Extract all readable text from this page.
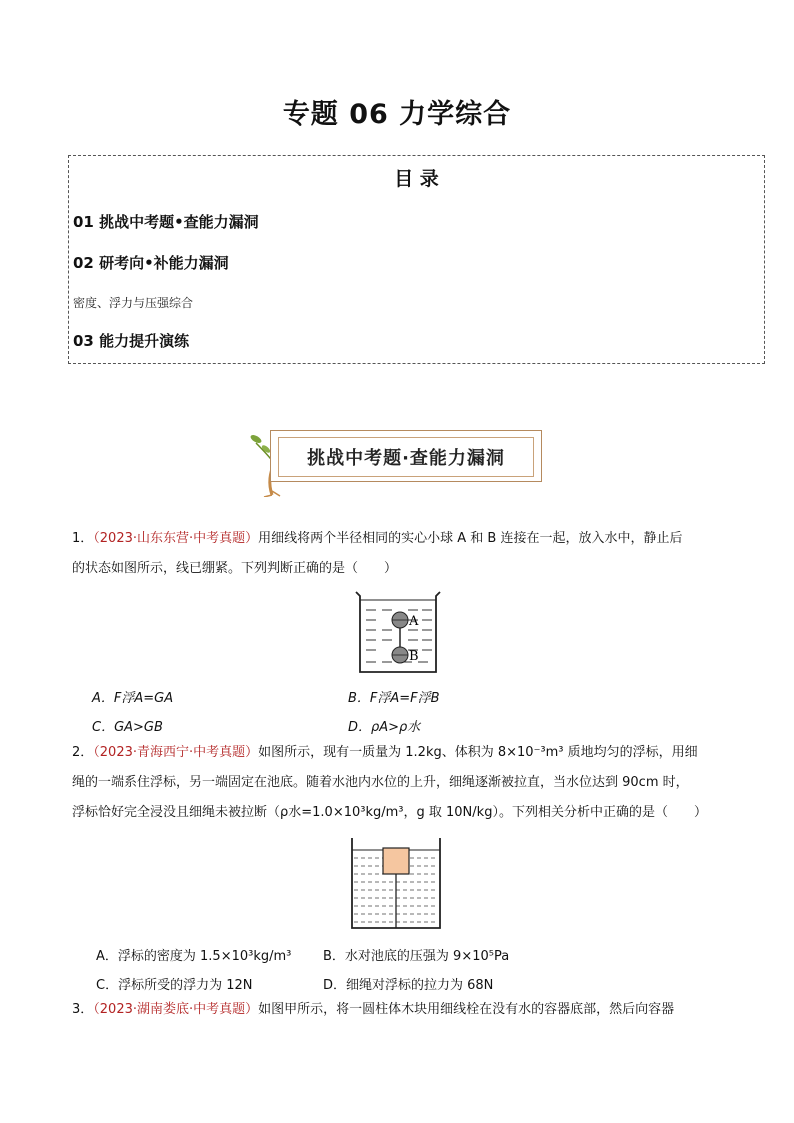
专题 06 力学综合
目 录
01 挑战中考题•查能力漏洞
02 研考向•补能力漏洞
密度、浮力与压强综合
03 能力提升演练
挑战中考题·查能力漏洞
1．（2023·山东东营·中考真题）用细线将两个半径相同的实心小球 A 和 B 连接在一起，放入水中，静止后
的状态如图所示，线已绷紧。下列判断正确的是（　　）
A
B
A．F浮A=GA	B．F浮A=F浮B
C．GA>GB	D．ρA>ρ水
2．（2023·青海西宁·中考真题）如图所示，现有一质量为 1.2kg、体积为 8×10⁻³m³ 质地均匀的浮标，用细
绳的一端系住浮标，另一端固定在池底。随着水池内水位的上升，细绳逐渐被拉直，当水位达到 90cm 时，
浮标恰好完全浸没且细绳未被拉断（ρ水=1.0×10³kg/m³，g 取 10N/kg）。下列相关分析中正确的是（　　）
A．浮标的密度为 1.5×10³kg/m³ B．水对池底的压强为 9×10⁵Pa
C．浮标所受的浮力为 12N	D．细绳对浮标的拉力为 68N
3．（2023·湖南娄底·中考真题）如图甲所示，将一圆柱体木块用细线栓在没有水的容器底部，然后向容器
